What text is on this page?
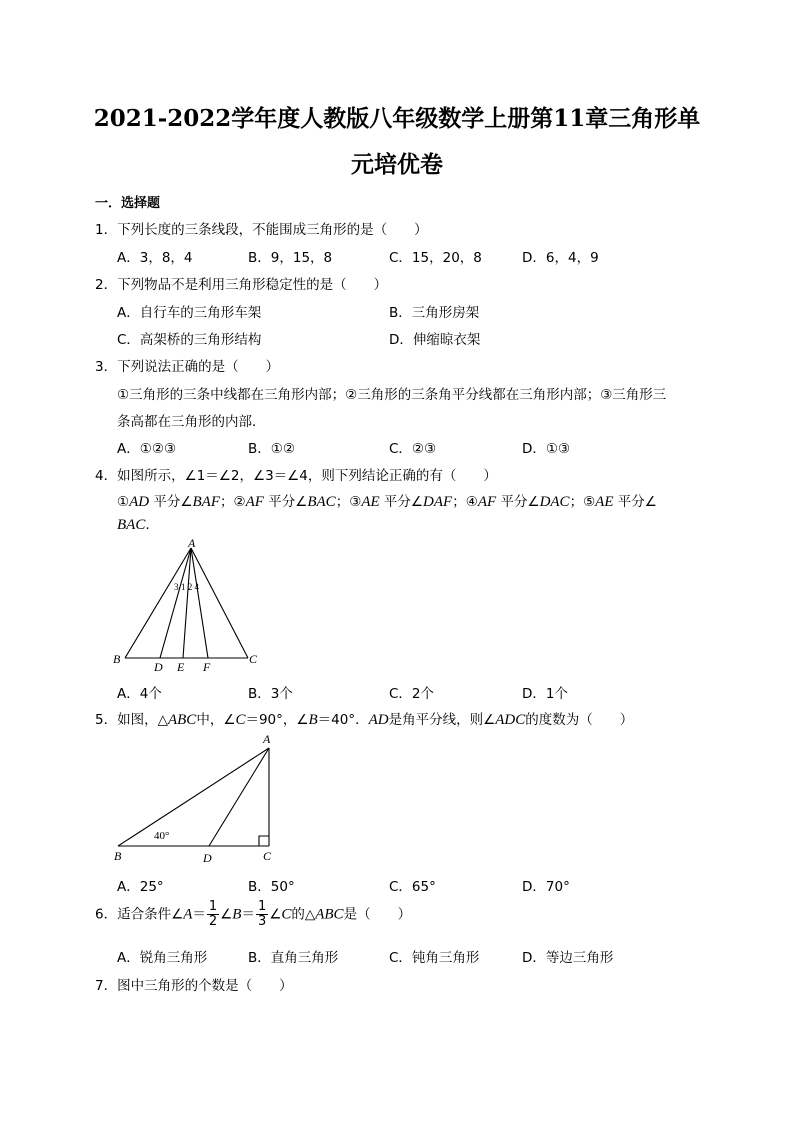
2021-2022学年度人教版八年级数学上册第11章三角形单
元培优卷
一．选择题
1．下列长度的三条线段，不能围成三角形的是（　　）
A．3，8，4	B．9，15，8	C．15，20，8	D．6，4，9
2．下列物品不是利用三角形稳定性的是（　　）
A．自行车的三角形车架	B．三角形房架
C．高架桥的三角形结构	D．伸缩晾衣架
3．下列说法正确的是（　　）
①三角形的三条中线都在三角形内部；②三角形的三条角平分线都在三角形内部；③三角形三
条高都在三角形的内部．
A．①②③	B．①②	C．②③	D．①③
4．如图所示，∠1＝∠2，∠3＝∠4，则下列结论正确的有（　　）
①AD 平分∠BAF；②AF 平分∠BAC；③AE 平分∠DAF；④AF 平分∠DAC；⑤AE 平分∠
BAC.
A
B	C
D E F
3/1 2 4
A．4个	B．3个	C．2个	D．1个
5．如图，△ABC中，∠C＝90°，∠B＝40°．AD是角平分线，则∠ADC的度数为（　　）
A
B	C
D
40°
A．25°	B．50°	C．65°	D．70°
6．适合条件∠A＝ $\frac{1}{2}$ ∠B＝ $\frac{1}{3}$ ∠C的△ABC是（　　）
A．锐角三角形	B．直角三角形	C．钝角三角形	D．等边三角形
7．图中三角形的个数是（　　）
